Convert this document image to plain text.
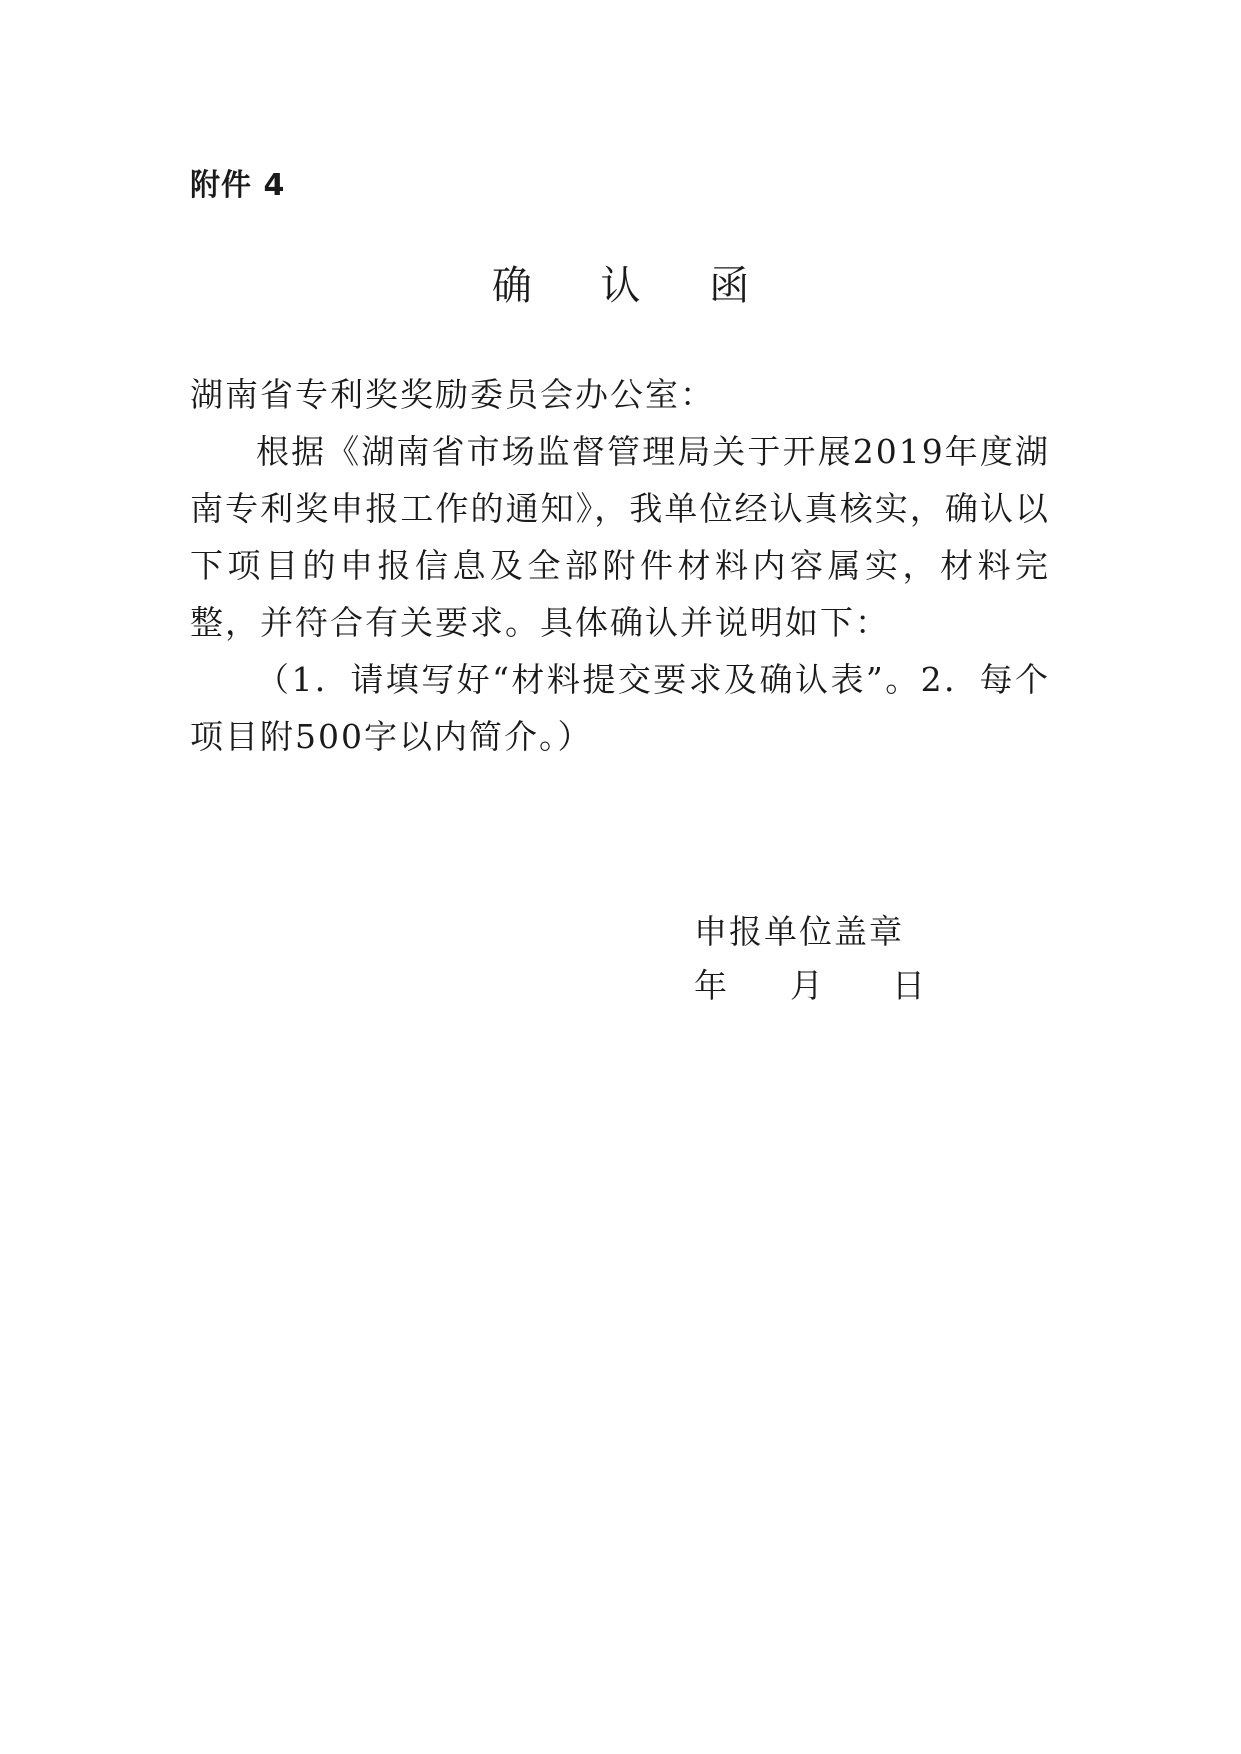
附件 4
确 认 函
湖南省专利奖奖励委员会办公室：

根据《湖南省市场监督管理局关于开展2019年度湖南专利奖申报工作的通知》，我单位经认真核实，确认以下项目的申报信息及全部附件材料内容属实，材料完整，并符合有关要求。具体确认并说明如下：

（1．请填写好“材料提交要求及确认表”。2．每个项目附500字以内简介。）

申报单位盖章
年 月 日
